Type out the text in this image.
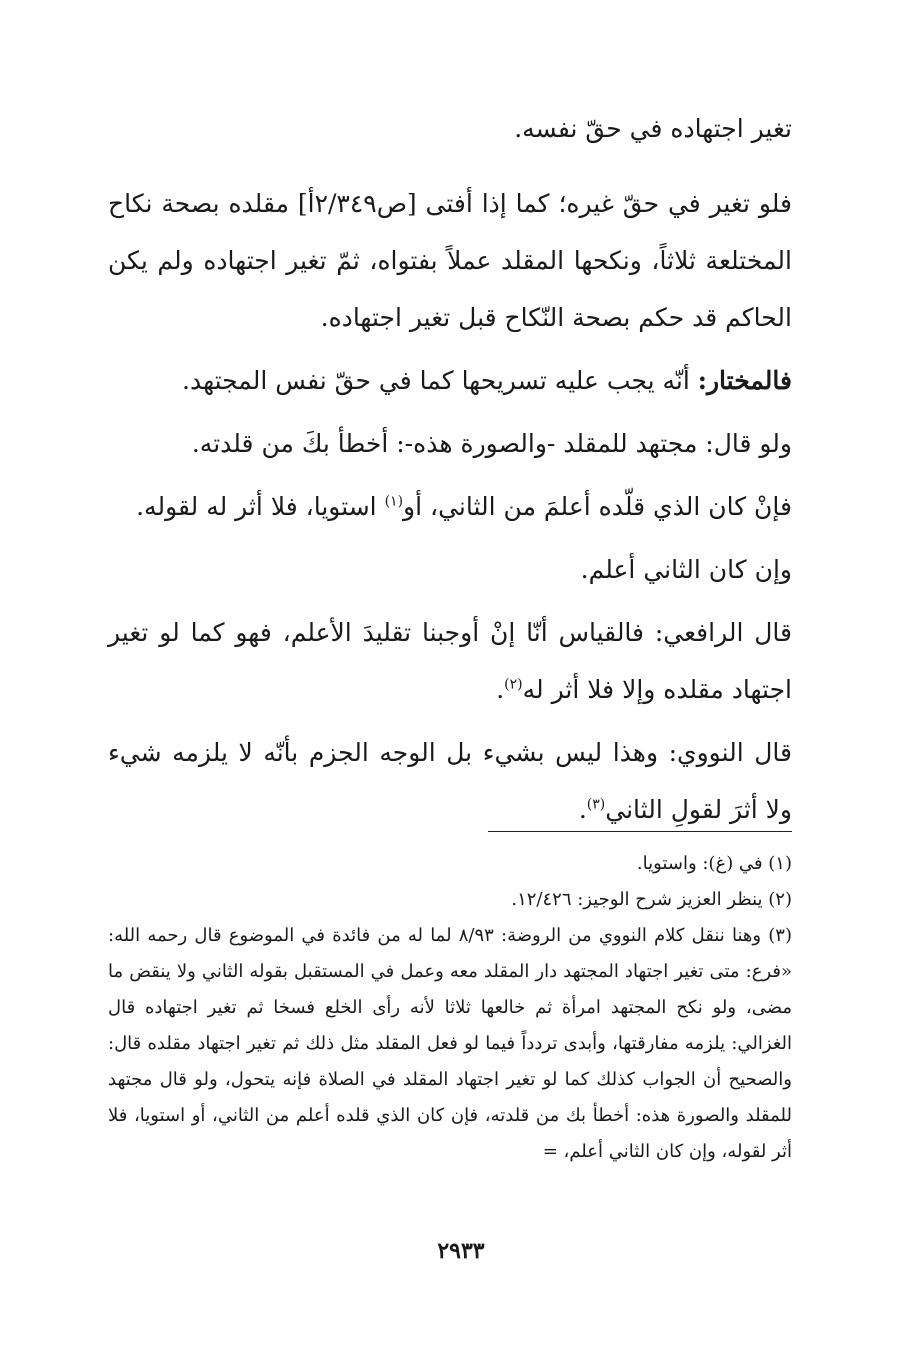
تغير اجتهاده في حقّ نفسه.

فلو تغير في حقّ غيره؛ كما إذا أفتى [ص٢/٣٤٩أ] مقلده بصحة نكاح المختلعة ثلاثاً، ونكحها المقلد عملاً بفتواه، ثمّ تغير اجتهاده ولم يكن الحاكم قد حكم بصحة النّكاح قبل تغير اجتهاده.

فالمختار: أنّه يجب عليه تسريحها كما في حقّ نفس المجتهد.

ولو قال: مجتهد للمقلد -والصورة هذه-: أخطأ بكَ من قلدته.

فإنْ كان الذي قلّده أعلمَ من الثاني، أو$^{(١)}$ استويا، فلا أثر له لقوله.

وإن كان الثاني أعلم.

قال الرافعي: فالقياس أنّا إنْ أوجبنا تقليدَ الأعلم، فهو كما لو تغير اجتهاد مقلده وإلا فلا أثر له$^{(٢)}$.

قال النووي: وهذا ليس بشيء بل الوجه الجزم بأنّه لا يلزمه شيء ولا أثرَ لقولِ الثاني$^{(٣)}$.

(١) في (غ): واستويا.

(٢) ينظر العزيز شرح الوجيز: ١٢/٤٢٦.

(٣) وهنا ننقل كلام النووي من الروضة: ٨/٩٣ لما له من فائدة في الموضوع قال رحمه الله: «فرع: متى تغير اجتهاد المجتهد دار المقلد معه وعمل في المستقبل بقوله الثاني ولا ينقض ما مضى، ولو نكح المجتهد امرأة ثم خالعها ثلاثا لأنه رأى الخلع فسخا ثم تغير اجتهاده قال الغزالي: يلزمه مفارقتها، وأبدى تردداً فيما لو فعل المقلد مثل ذلك ثم تغير اجتهاد مقلده قال: والصحيح أن الجواب كذلك كما لو تغير اجتهاد المقلد في الصلاة فإنه يتحول، ولو قال مجتهد للمقلد والصورة هذه: أخطأ بك من قلدته، فإن كان الذي قلده أعلم من الثاني، أو استويا، فلا أثر لقوله، وإن كان الثاني أعلم، =

٢٩٣٣
